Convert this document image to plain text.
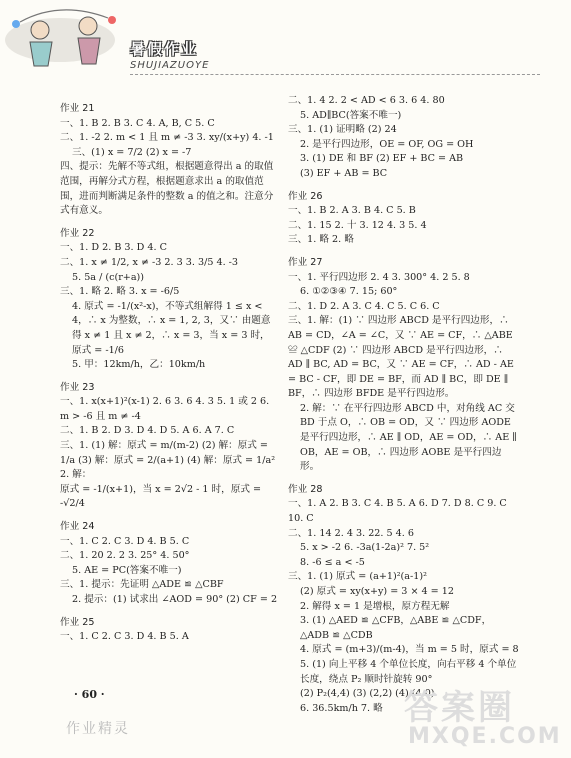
暑假作业
SHUJIAZUOYE
作业 21
一、1. B 2. B 3. C 4. A, B, C 5. C
二、1. -2 2. m < 1 且 m ≠ -3 3. xy/(x+y) 4. -1
三、(1) x = 7/2 (2) x = -7
四、提示：先解不等式组，根据题意得出 a 的取值范围，再解分式方程，根据题意求出 a 的取值范围，进而判断满足条件的整数 a 的值之和。注意分式有意义。
作业 22
一、1. D 2. B 3. D 4. C
二、1. x ≠ 1/2, x ≠ -3 2. 3 3. 3/5 4. -3
5. 5a / (c(r+a))
三、1. 略 2. 略 3. x = -6/5
4. 原式 = -1/(x²-x)，不等式组解得 1 ≤ x < 4，∴ x 为整数，∴ x = 1, 2, 3，又∵ 由题意得 x ≠ 1 且 x ≠ 2，∴ x = 3，当 x = 3 时，原式 = -1/6
5. 甲：12km/h，乙：10km/h
作业 23
一、1. x(x+1)²(x-1) 2. 6 3. 6 4. 3 5. 1 或 2 6. m > -6 且 m ≠ -4
二、1. B 2. D 3. D 4. D 5. A 6. A 7. C
三、1. (1) 解：原式 = m/(m-2) (2) 解：原式 = 1/a (3) 解：原式 = 2/(a+1) (4) 解：原式 = 1/a² 2. 解：
原式 = -1/(x+1)，当 x = 2√2 - 1 时，原式 = -√2/4
作业 24
一、1. C 2. C 3. D 4. B 5. C
二、1. 20 2. 2 3. 25° 4. 50°
5. AE = PC(答案不唯一)
三、1. 提示：先证明 △ADE ≌ △CBF
2. 提示：(1) 试求出 ∠AOD = 90° (2) CF = 2
作业 25
一、1. C 2. C 3. D 4. B 5. A
二、1. 4 2. 2 < AD < 6 3. 6 4. 80
5. AD∥BC(答案不唯一)
三、1. (1) 证明略 (2) 24
2. 是平行四边形，OE = OF, OG = OH
3. (1) DE 和 BF (2) EF + BC = AB
(3) EF + AB = BC
作业 26
一、1. B 2. A 3. B 4. C 5. B
二、1. 15 2. 十 3. 12 4. 3 5. 4
三、1. 略 2. 略
作业 27
一、1. 平行四边形 2. 4 3. 300° 4. 2 5. 8
6. ①②③④ 7. 15; 60°
二、1. D 2. A 3. C 4. C 5. C 6. C
三、1. 解：(1) ∵ 四边形 ABCD 是平行四边形，∴ AB = CD，∠A = ∠C，又 ∵ AE = CF，∴ △ABE ≌ △CDF (2) ∵ 四边形 ABCD 是平行四边形，∴ AD ∥ BC, AD = BC，又 ∵ AE = CF，∴ AD - AE = BC - CF，即 DE = BF，而 AD ∥ BC，即 DE ∥ BF，∴ 四边形 BFDE 是平行四边形。
2. 解：∵ 在平行四边形 ABCD 中，对角线 AC 交 BD 于点 O，∴ OB = OD，又 ∵ 四边形 AODE 是平行四边形，∴ AE ∥ OD，AE = OD，∴ AE ∥ OB，AE = OB，∴ 四边形 AOBE 是平行四边形。
作业 28
一、1. A 2. B 3. C 4. B 5. A 6. D 7. D 8. C 9. C 10. C
二、1. 14 2. 4 3. 22. 5 4. 6
5. x > -2 6. -3a(1-2a)² 7. 5²
8. -6 ≤ a < -5
三、1. (1) 原式 = (a+1)²(a-1)²
(2) 原式 = xy(x+y) = 3 × 4 = 12
2. 解得 x = 1 是增根，原方程无解
3. (1) △AED ≌ △CFB，△ABE ≌ △CDF，△ADB ≌ △CDB
4. 原式 = (m+3)/(m-4)，当 m = 5 时，原式 = 8
5. (1) 向上平移 4 个单位长度，向右平移 4 个单位长度，绕点 P₂ 顺时针旋转 90°
(2) P₂(4,4) (3) (2,2) (4) (4,0)
6. 36.5km/h 7. 略
· 60 ·
作业精灵
答案圈
MXQE.COM
